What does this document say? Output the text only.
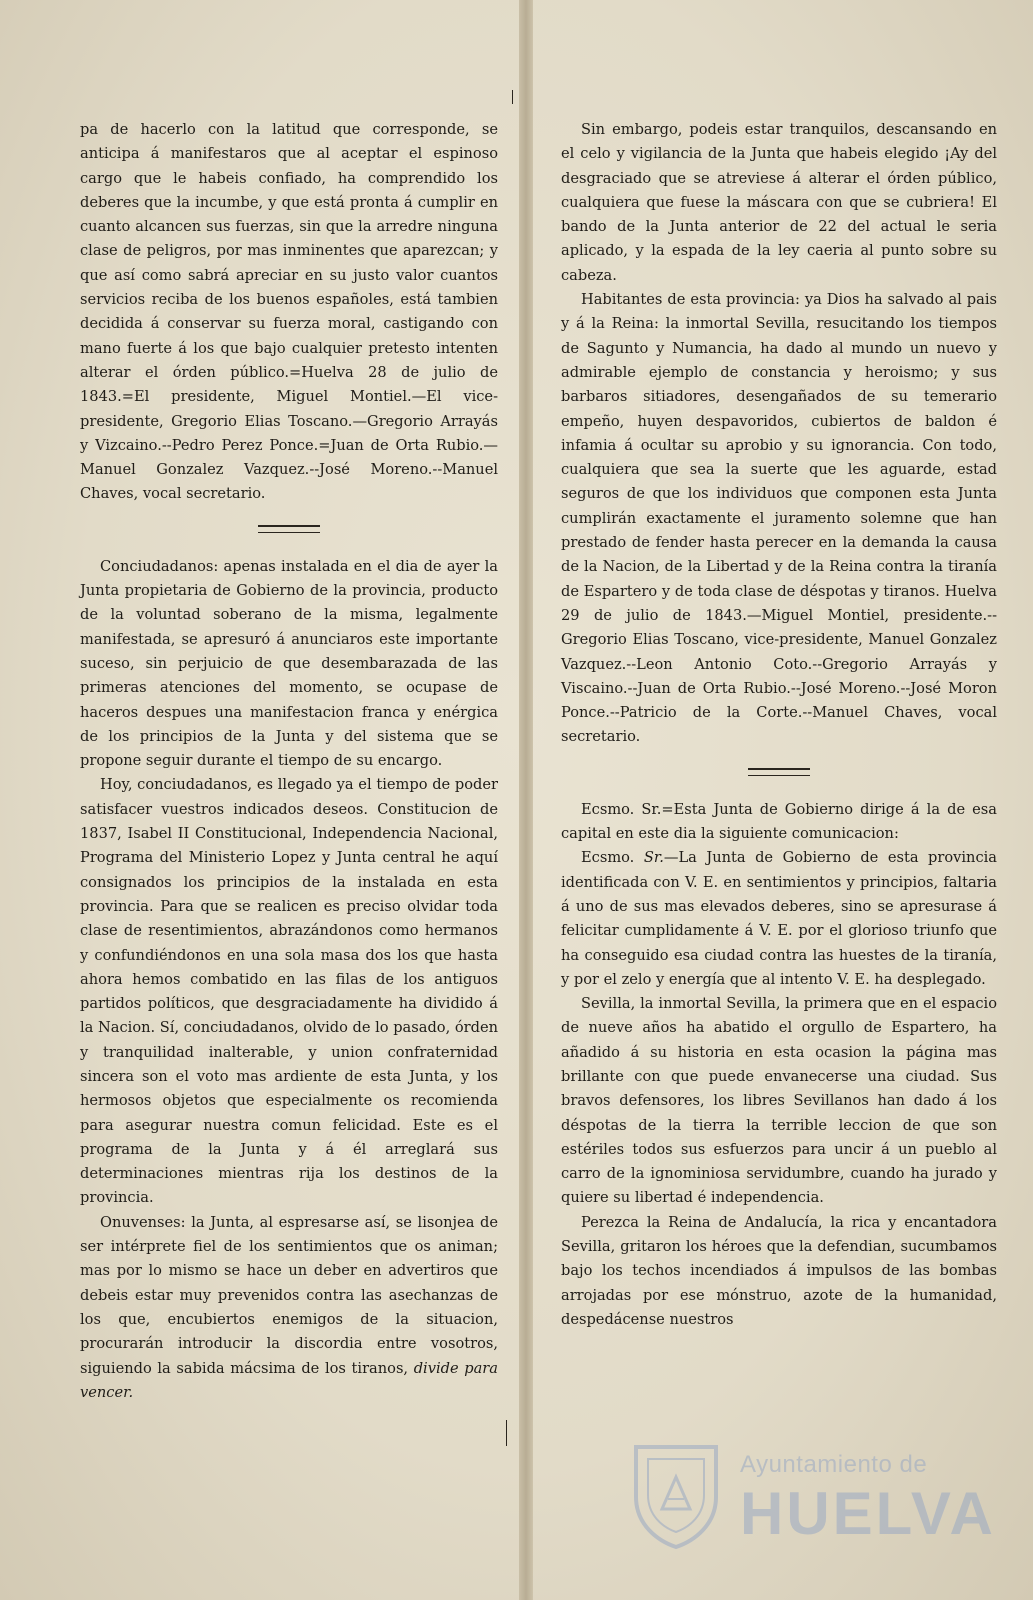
pa de hacerlo con la latitud que corresponde, se anticipa á manifestaros que al aceptar el espinoso cargo que le habeis confiado, ha comprendido los deberes que la incumbe, y que está pronta á cumplir en cuanto alcancen sus fuerzas, sin que la arredre ninguna clase de peligros, por mas inminentes que aparezcan; y que así como sabrá apreciar en su justo valor cuantos servicios reciba de los buenos españoles, está tambien decidida á conservar su fuerza moral, castigando con mano fuerte á los que bajo cualquier pretesto intenten alterar el órden público.=Huelva 28 de julio de 1843.=El presidente, Miguel Montiel.—El vice-presidente, Gregorio Elias Toscano.—Gregorio Arrayás y Vizcaino.--Pedro Perez Ponce.=Juan de Orta Rubio.—Manuel Gonzalez Vazquez.--José Moreno.--Manuel Chaves, vocal secretario.

Conciudadanos: apenas instalada en el dia de ayer la Junta propietaria de Gobierno de la provincia, producto de la voluntad soberano de la misma, legalmente manifestada, se apresuró á anunciaros este importante suceso, sin perjuicio de que desembarazada de las primeras atenciones del momento, se ocupase de haceros despues una manifestacion franca y enérgica de los principios de la Junta y del sistema que se propone seguir durante el tiempo de su encargo.

Hoy, conciudadanos, es llegado ya el tiempo de poder satisfacer vuestros indicados deseos. Constitucion de 1837, Isabel II Constitucional, Independencia Nacional, Programa del Ministerio Lopez y Junta central he aquí consignados los principios de la instalada en esta provincia. Para que se realicen es preciso olvidar toda clase de resentimientos, abrazándonos como hermanos y confundiéndonos en una sola masa dos los que hasta ahora hemos combatido en las filas de los antiguos partidos políticos, que desgraciadamente ha dividido á la Nacion. Sí, conciudadanos, olvido de lo pasado, órden y tranquilidad inalterable, y union confraternidad sincera son el voto mas ardiente de esta Junta, y los hermosos objetos que especialmente os recomienda para asegurar nuestra comun felicidad. Este es el programa de la Junta y á él arreglará sus determinaciones mientras rija los destinos de la provincia.

Onuvenses: la Junta, al espresarse así, se lisonjea de ser intérprete fiel de los sentimientos que os animan; mas por lo mismo se hace un deber en advertiros que debeis estar muy prevenidos contra las asechanzas de los que, encubiertos enemigos de la situacion, procurarán introducir la discordia entre vosotros, siguiendo la sabida mácsima de los tiranos, divide para vencer.

Sin embargo, podeis estar tranquilos, descansando en el celo y vigilancia de la Junta que habeis elegido ¡Ay del desgraciado que se atreviese á alterar el órden público, cualquiera que fuese la máscara con que se cubriera! El bando de la Junta anterior de 22 del actual le seria aplicado, y la espada de la ley caeria al punto sobre su cabeza.

Habitantes de esta provincia: ya Dios ha salvado al pais y á la Reina: la inmortal Sevilla, resucitando los tiempos de Sagunto y Numancia, ha dado al mundo un nuevo y admirable ejemplo de constancia y heroismo; y sus barbaros sitiadores, desengañados de su temerario empeño, huyen despavoridos, cubiertos de baldon é infamia á ocultar su aprobio y su ignorancia. Con todo, cualquiera que sea la suerte que les aguarde, estad seguros de que los individuos que componen esta Junta cumplirán exactamente el juramento solemne que han prestado de fender hasta perecer en la demanda la causa de la Nacion, de la Libertad y de la Reina contra la tiranía de Espartero y de toda clase de déspotas y tiranos. Huelva 29 de julio de 1843.—Miguel Montiel, presidente.--Gregorio Elias Toscano, vice-presidente, Manuel Gonzalez Vazquez.--Leon Antonio Coto.--Gregorio Arrayás y Viscaino.--Juan de Orta Rubio.--José Moreno.--José Moron Ponce.--Patricio de la Corte.--Manuel Chaves, vocal secretario.

Ecsmo. Sr.=Esta Junta de Gobierno dirige á la de esa capital en este dia la siguiente comunicacion:

Ecsmo. Sr.—La Junta de Gobierno de esta provincia identificada con V. E. en sentimientos y principios, faltaria á uno de sus mas elevados deberes, sino se apresurase á felicitar cumplidamente á V. E. por el glorioso triunfo que ha conseguido esa ciudad contra las huestes de la tiranía, y por el zelo y energía que al intento V. E. ha desplegado.

Sevilla, la inmortal Sevilla, la primera que en el espacio de nueve años ha abatido el orgullo de Espartero, ha añadido á su historia en esta ocasion la página mas brillante con que puede envanecerse una ciudad. Sus bravos defensores, los libres Sevillanos han dado á los déspotas de la tierra la terrible leccion de que son estériles todos sus esfuerzos para uncir á un pueblo al carro de la ignominiosa servidumbre, cuando ha jurado y quiere su libertad é independencia.

Perezca la Reina de Andalucía, la rica y encantadora Sevilla, gritaron los héroes que la defendian, sucumbamos bajo los techos incendiados á impulsos de las bombas arrojadas por ese mónstruo, azote de la humanidad, despedácense nuestros

Ayuntamiento de
HUELVA
